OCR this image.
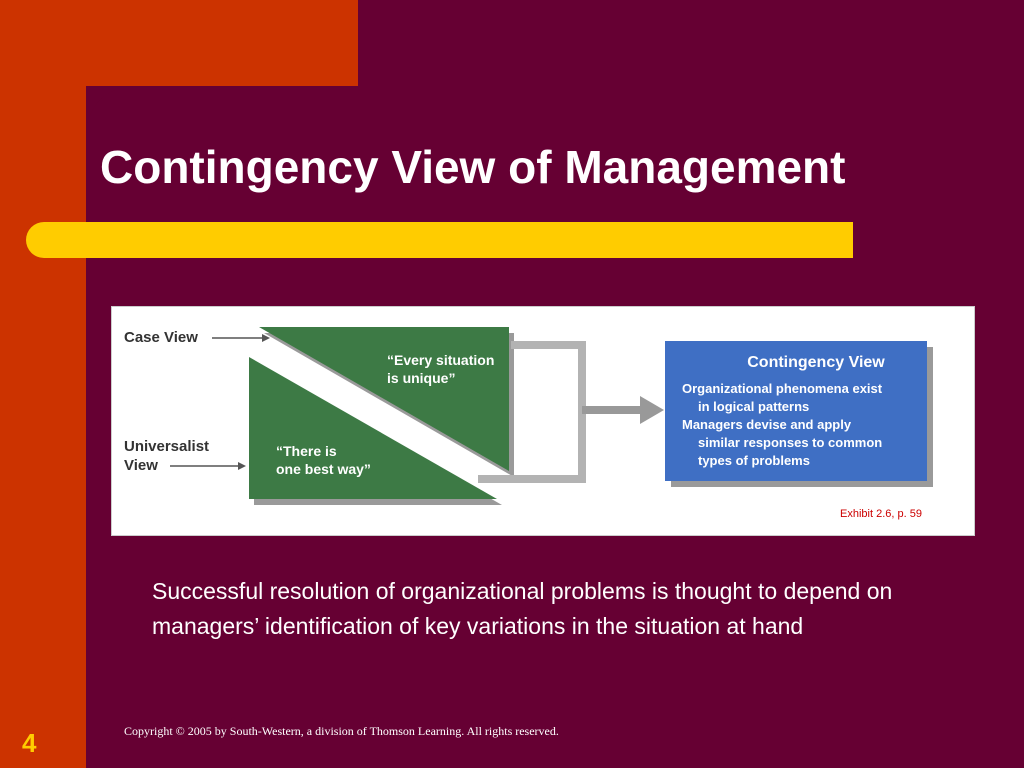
Contingency View of Management
Case View
Universalist
View
“Every situation
is unique”
“There is
one best way”
Contingency View
Organizational phenomena exist
in logical patterns
Managers devise and apply
similar responses to common
types of problems
Exhibit 2.6, p. 59
Successful resolution of organizational problems is thought to depend on managers’ identification of key variations in the situation at hand
Copyright © 2005 by South-Western, a division of Thomson Learning. All rights reserved.
4
